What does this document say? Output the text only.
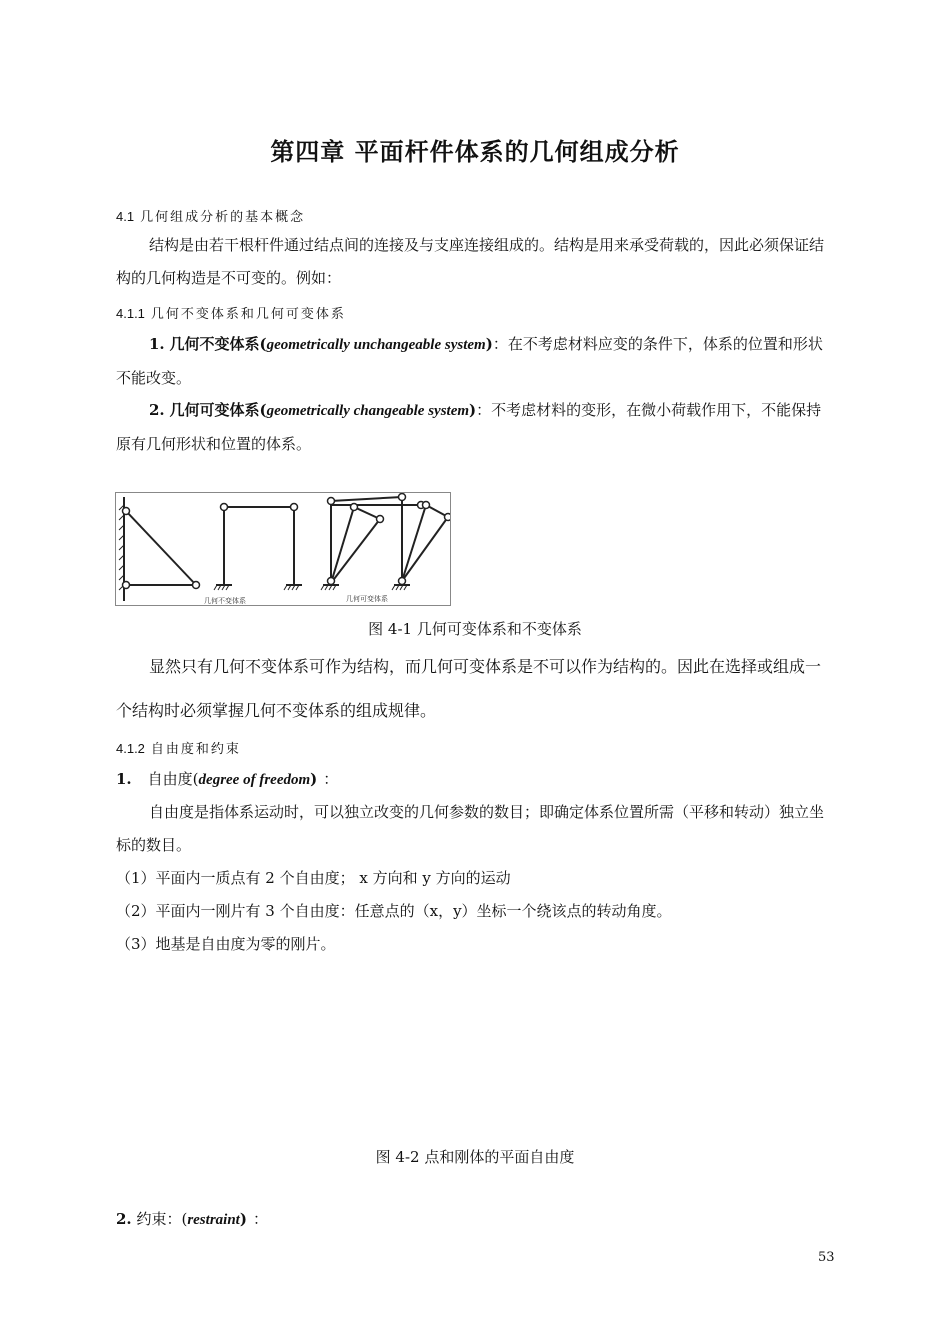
第四章 平面杆件体系的几何组成分析
4.1 几何组成分析的基本概念
结构是由若干根杆件通过结点间的连接及与支座连接组成的。结构是用来承受荷载的，因此必须保证结构的几何构造是不可变的。例如：
4.1.1 几何不变体系和几何可变体系
1. 几何不变体系(geometrically unchangeable system)：在不考虑材料应变的条件下，体系的位置和形状不能改变。
2. 几何可变体系(geometrically changeable system)：不考虑材料的变形，在微小荷载作用下，不能保持原有几何形状和位置的体系。
几何不变体系	几何可变体系
图 4-1 几何可变体系和不变体系
显然只有几何不变体系可作为结构，而几何可变体系是不可以作为结构的。因此在选择或组成一个结构时必须掌握几何不变体系的组成规律。
4.1.2 自由度和约束
1. 自由度(degree of freedom) ：
自由度是指体系运动时，可以独立改变的几何参数的数目；即确定体系位置所需（平移和转动）独立坐标的数目。
（1）平面内一质点有 2 个自由度； x 方向和 y 方向的运动
（2）平面内一刚片有 3 个自由度：任意点的（x，y）坐标一个绕该点的转动角度。
（3）地基是自由度为零的刚片。
图 4-2 点和刚体的平面自由度
2. 约束：(restraint) ：
53
